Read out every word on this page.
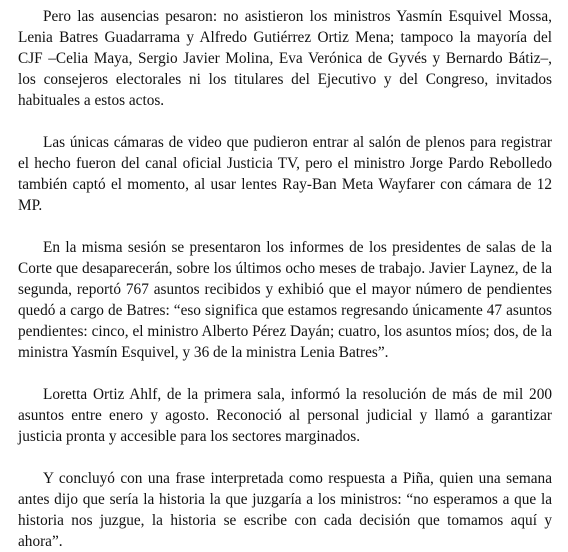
Pero las ausencias pesaron: no asistieron los ministros Yasmín Esquivel Mossa, Lenia Batres Guadarrama y Alfredo Gutiérrez Ortiz Mena; tampoco la mayoría del CJF –Celia Maya, Sergio Javier Molina, Eva Verónica de Gyvés y Bernardo Bátiz–, los consejeros electorales ni los titulares del Ejecutivo y del Congreso, invitados habituales a estos actos.

Las únicas cámaras de video que pudieron entrar al salón de plenos para registrar el hecho fueron del canal oficial Justicia TV, pero el ministro Jorge Pardo Rebolledo también captó el momento, al usar lentes Ray-Ban Meta Wayfarer con cámara de 12 MP.

En la misma sesión se presentaron los informes de los presidentes de salas de la Corte que desaparecerán, sobre los últimos ocho meses de trabajo. Javier Laynez, de la segunda, reportó 767 asuntos recibidos y exhibió que el mayor número de pendientes quedó a cargo de Batres: “eso significa que estamos regresando únicamente 47 asuntos pendientes: cinco, el ministro Alberto Pérez Dayán; cuatro, los asuntos míos; dos, de la ministra Yasmín Esquivel, y 36 de la ministra Lenia Batres”.

Loretta Ortiz Ahlf, de la primera sala, informó la resolución de más de mil 200 asuntos entre enero y agosto. Reconoció al personal judicial y llamó a garantizar justicia pronta y accesible para los sectores marginados.

Y concluyó con una frase interpretada como respuesta a Piña, quien una semana antes dijo que sería la historia la que juzgaría a los ministros: “no esperamos a que la historia nos juzgue, la historia se escribe con cada decisión que tomamos aquí y ahora”.
